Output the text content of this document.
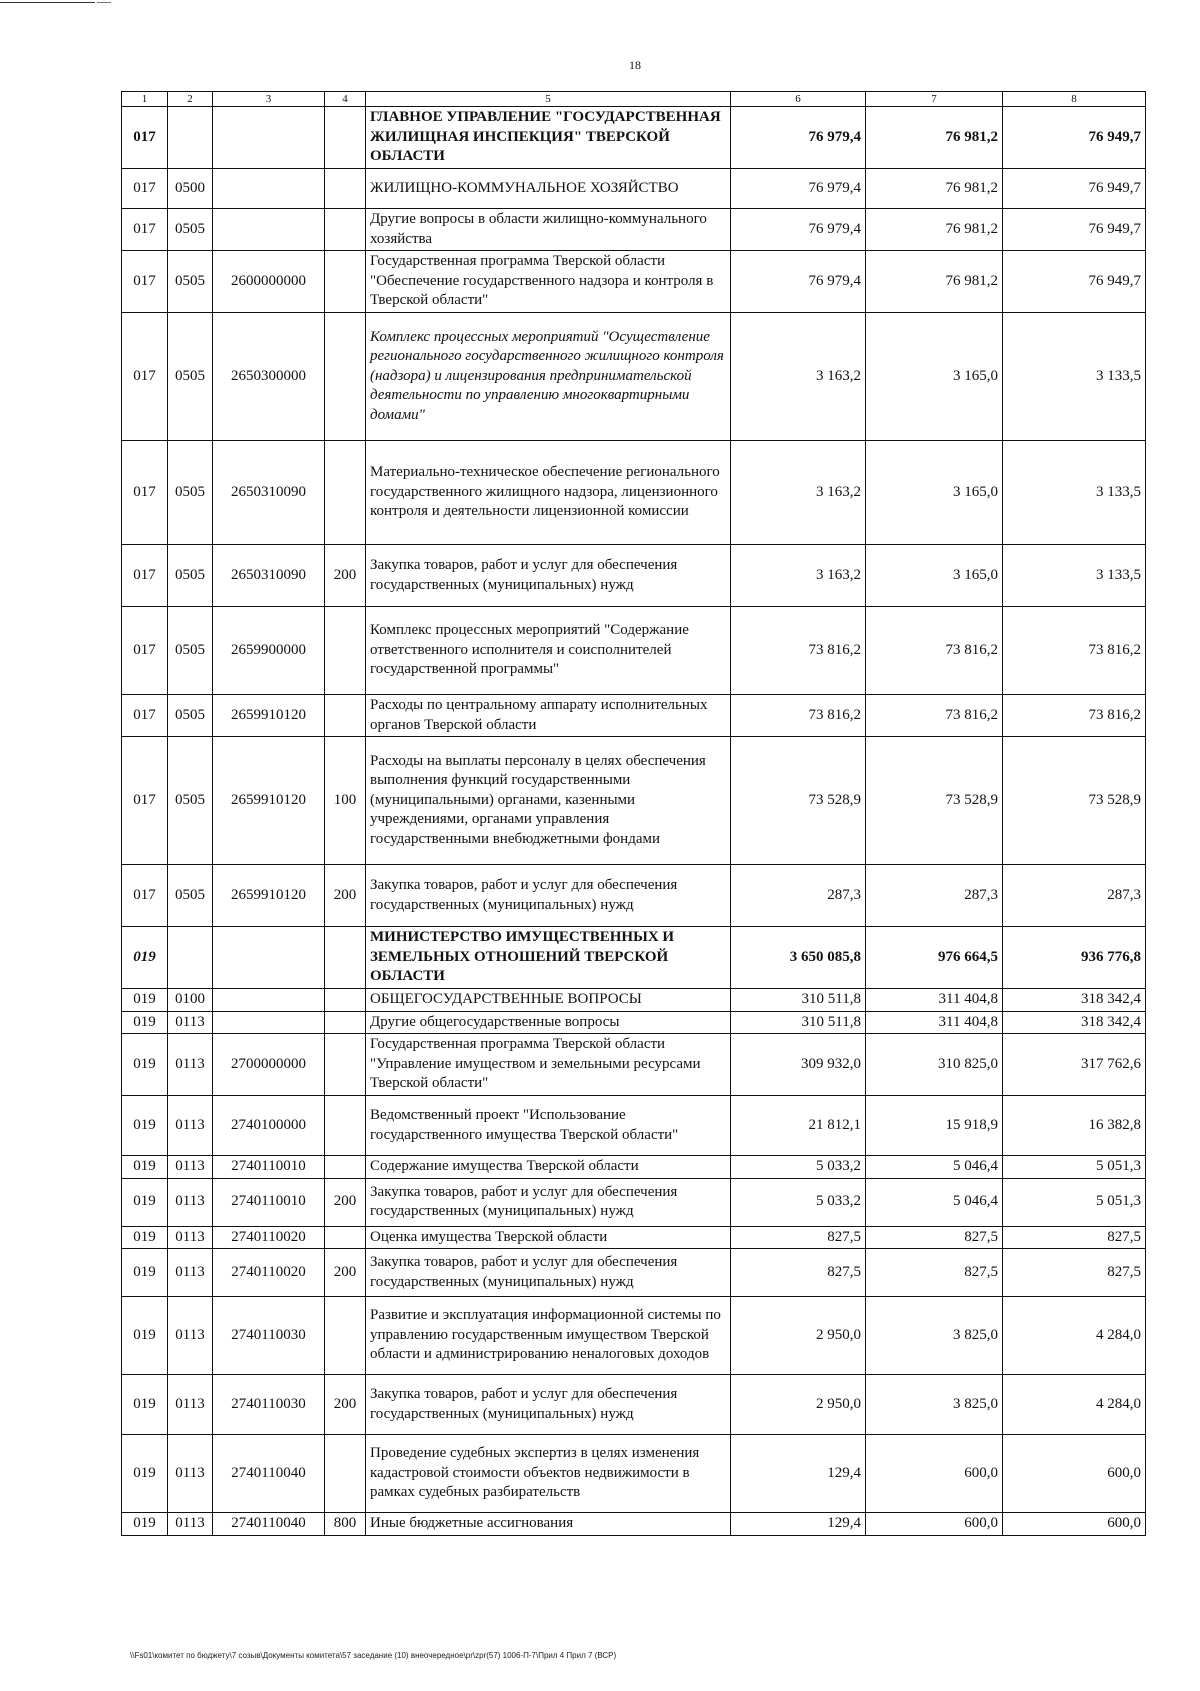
18
1	2	3	4	5	6	7	8
017				ГЛАВНОЕ УПРАВЛЕНИЕ "ГОСУДАРСТВЕННАЯ ЖИЛИЩНАЯ ИНСПЕКЦИЯ" ТВЕРСКОЙ ОБЛАСТИ	76 979,4	76 981,2	76 949,7
017	0500			ЖИЛИЩНО-КОММУНАЛЬНОЕ ХОЗЯЙСТВО	76 979,4	76 981,2	76 949,7
017	0505			Другие вопросы в области жилищно-коммунального хозяйства	76 979,4	76 981,2	76 949,7
017	0505	2600000000		Государственная программа Тверской области "Обеспечение государственного надзора и контроля в Тверской области"	76 979,4	76 981,2	76 949,7
017	0505	2650300000		Комплекс процессных мероприятий "Осуществление регионального государственного жилищного контроля (надзора) и лицензирования предпринимательской деятельности по управлению многоквартирными домами"	3 163,2	3 165,0	3 133,5
017	0505	2650310090		Материально-техническое обеспечение регионального государственного жилищного надзора, лицензионного контроля и деятельности лицензионной комиссии	3 163,2	3 165,0	3 133,5
017	0505	2650310090	200	Закупка товаров, работ и услуг для обеспечения государственных (муниципальных) нужд	3 163,2	3 165,0	3 133,5
017	0505	2659900000		Комплекс процессных мероприятий "Содержание ответственного исполнителя и соисполнителей государственной программы"	73 816,2	73 816,2	73 816,2
017	0505	2659910120		Расходы по центральному аппарату исполнительных органов Тверской области	73 816,2	73 816,2	73 816,2
017	0505	2659910120	100	Расходы на выплаты персоналу в целях обеспечения выполнения функций государственными (муниципальными) органами, казенными учреждениями, органами управления государственными внебюджетными фондами	73 528,9	73 528,9	73 528,9
017	0505	2659910120	200	Закупка товаров, работ и услуг для обеспечения государственных (муниципальных) нужд	287,3	287,3	287,3
019				МИНИСТЕРСТВО ИМУЩЕСТВЕННЫХ И ЗЕМЕЛЬНЫХ ОТНОШЕНИЙ ТВЕРСКОЙ ОБЛАСТИ	3 650 085,8	976 664,5	936 776,8
019	0100			ОБЩЕГОСУДАРСТВЕННЫЕ ВОПРОСЫ	310 511,8	311 404,8	318 342,4
019	0113			Другие общегосударственные вопросы	310 511,8	311 404,8	318 342,4
019	0113	2700000000		Государственная программа Тверской области "Управление имуществом и земельными ресурсами Тверской области"	309 932,0	310 825,0	317 762,6
019	0113	2740100000		Ведомственный проект "Использование государственного имущества Тверской области"	21 812,1	15 918,9	16 382,8
019	0113	2740110010		Содержание имущества Тверской области	5 033,2	5 046,4	5 051,3
019	0113	2740110010	200	Закупка товаров, работ и услуг для обеспечения государственных (муниципальных) нужд	5 033,2	5 046,4	5 051,3
019	0113	2740110020		Оценка имущества Тверской области	827,5	827,5	827,5
019	0113	2740110020	200	Закупка товаров, работ и услуг для обеспечения государственных (муниципальных) нужд	827,5	827,5	827,5
019	0113	2740110030		Развитие и эксплуатация информационной системы по управлению государственным имуществом Тверской области и администрированию неналоговых доходов	2 950,0	3 825,0	4 284,0
019	0113	2740110030	200	Закупка товаров, работ и услуг для обеспечения государственных (муниципальных) нужд	2 950,0	3 825,0	4 284,0
019	0113	2740110040		Проведение судебных экспертиз в целях изменения кадастровой стоимости объектов недвижимости в рамках судебных разбирательств	129,4	600,0	600,0
019	0113	2740110040	800	Иные бюджетные ассигнования	129,4	600,0	600,0
\\Fs01\комитет по бюджету\7 созыв\Документы комитета\57 заседание (10) внеочередное\pr\zpr(57) 1006-П-7\Прил 4 Прил 7 (ВСР)
